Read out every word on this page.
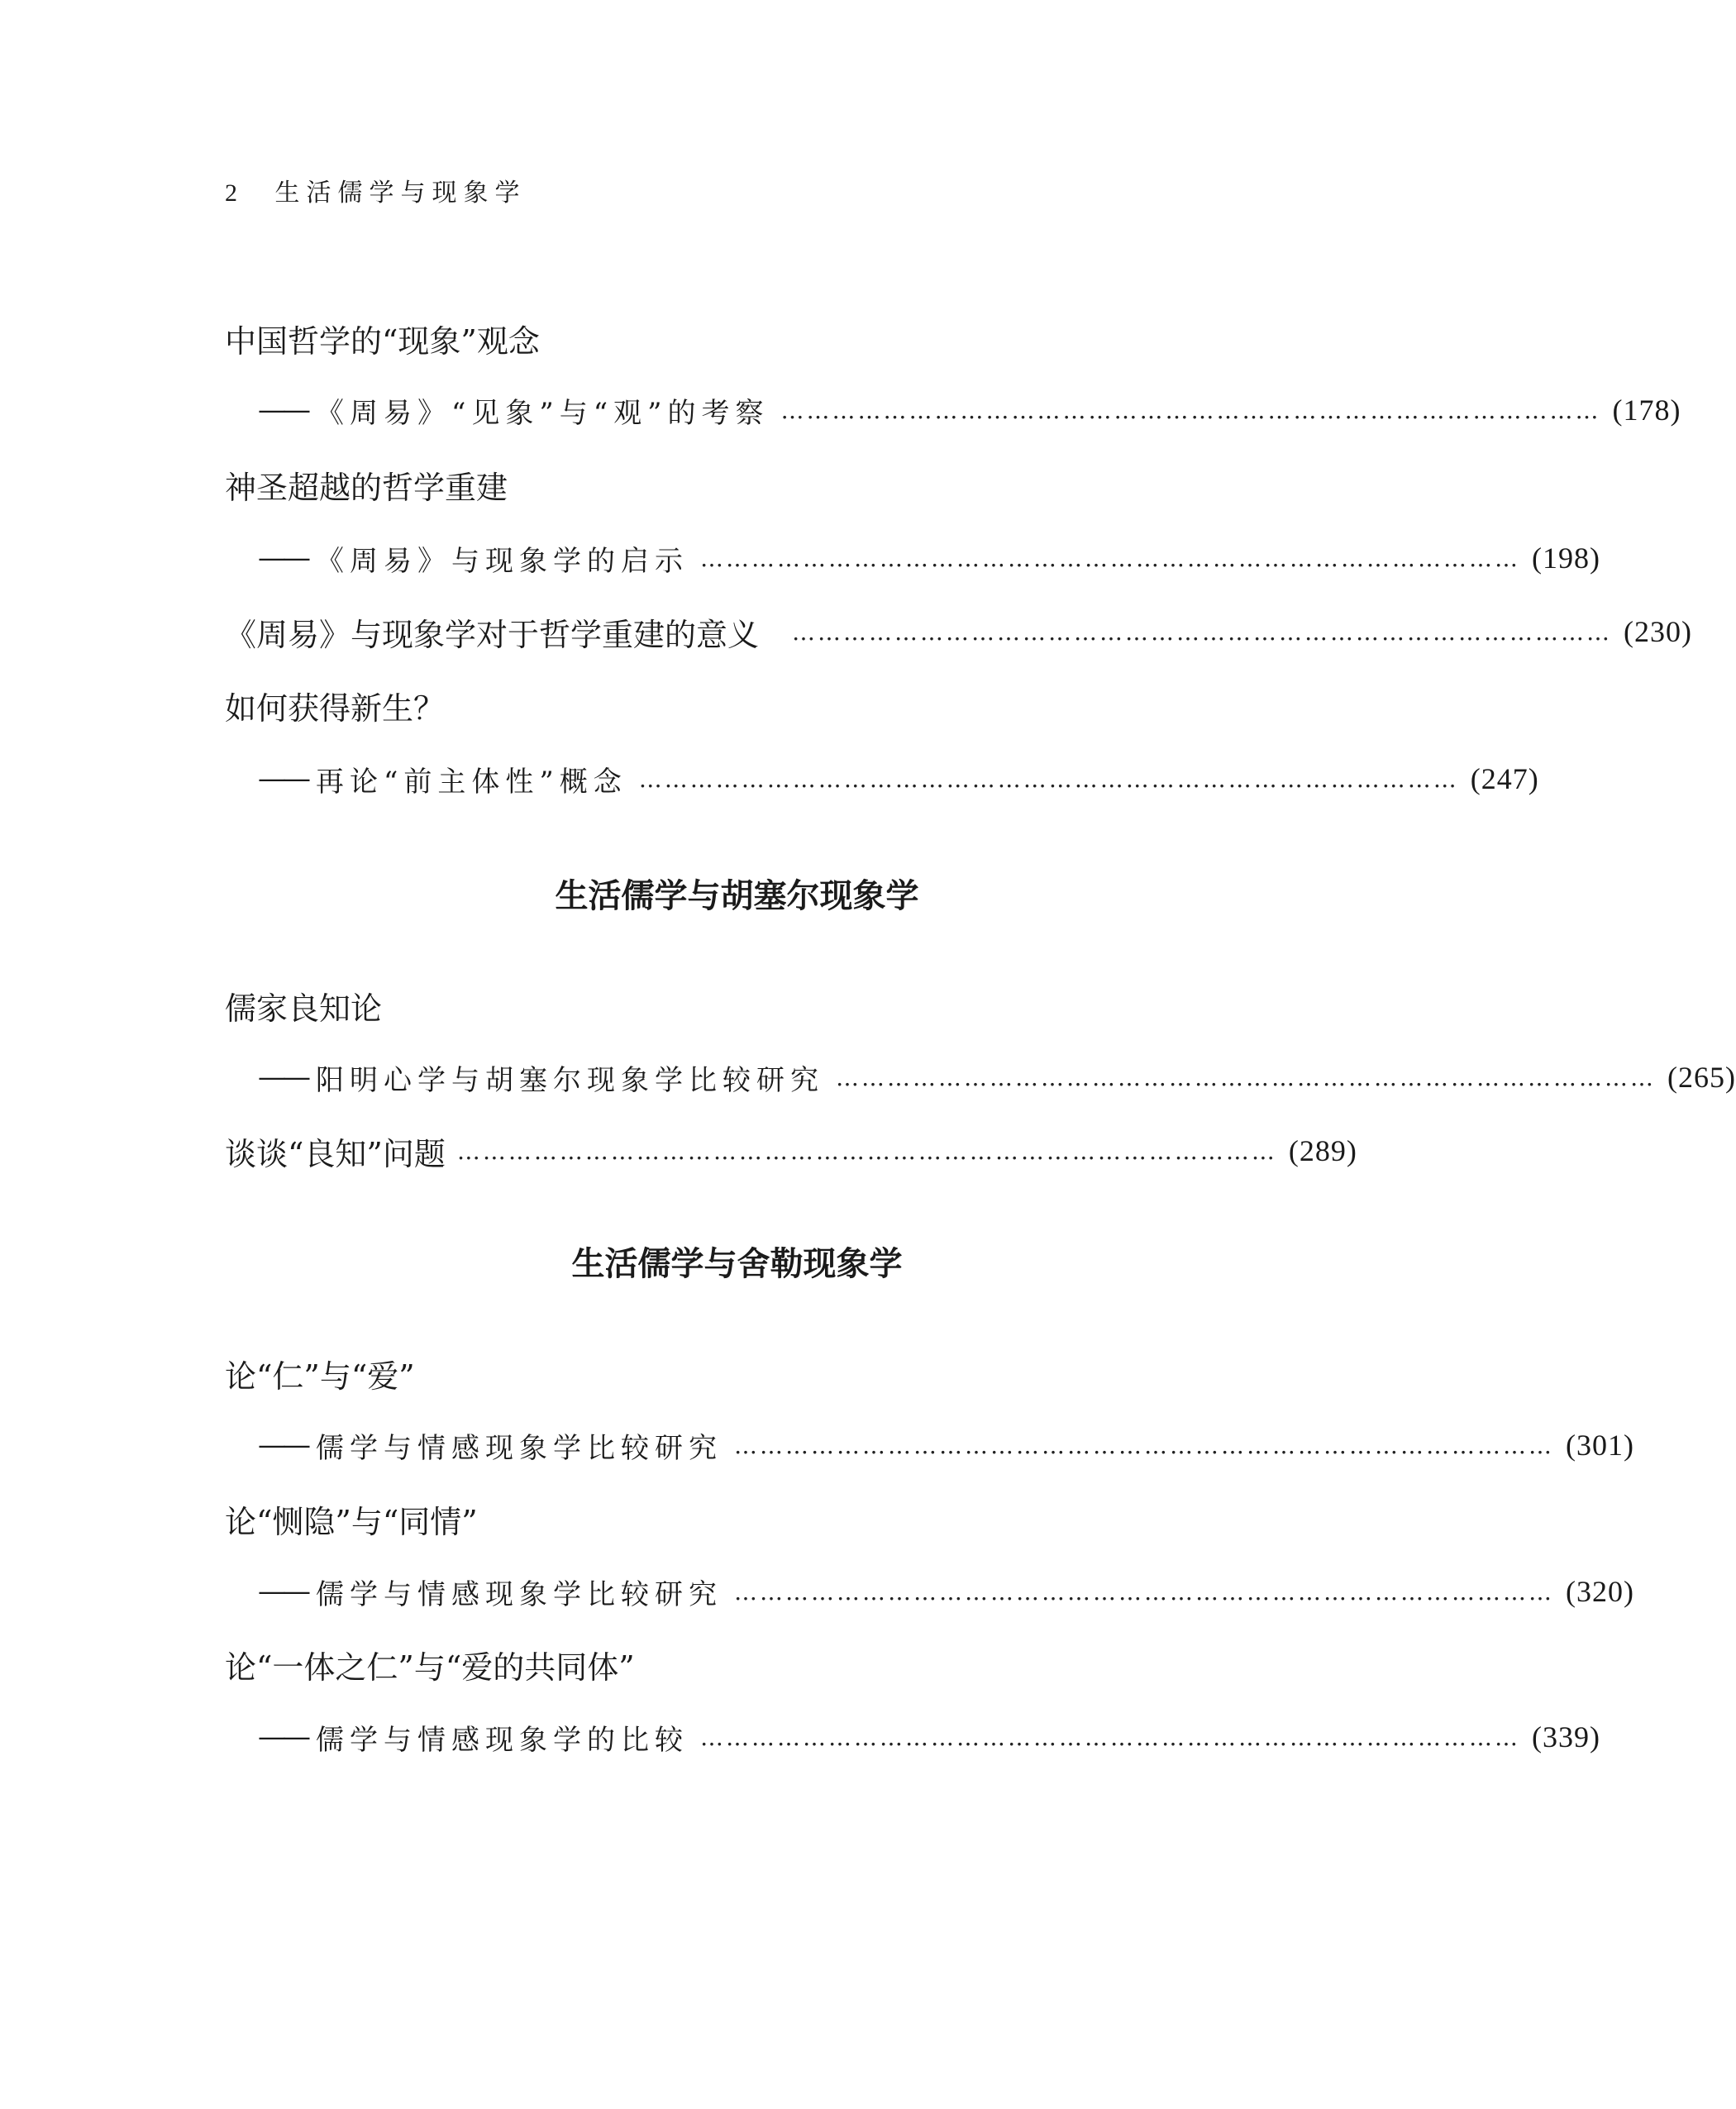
2 生活儒学与现象学
中国哲学的“现象”观念
—— 《周易》“见象”与“观”的考察 …………………………………………………………………………………… (178)
神圣超越的哲学重建
—— 《周易》与现象学的启示 …………………………………………………………………………………… (198)
《周易》与现象学对于哲学重建的意义 …………………………………………………………………………………… (230)
如何获得新生？
—— 再论“前主体性”概念 …………………………………………………………………………………… (247)
生活儒学与胡塞尔现象学
儒家良知论
—— 阳明心学与胡塞尔现象学比较研究 …………………………………………………………………………………… (265)
谈谈“良知”问题 …………………………………………………………………………………… (289)
生活儒学与舍勒现象学
论“仁”与“爱”
—— 儒学与情感现象学比较研究 …………………………………………………………………………………… (301)
论“恻隐”与“同情”
—— 儒学与情感现象学比较研究 …………………………………………………………………………………… (320)
论“一体之仁”与“爱的共同体”
—— 儒学与情感现象学的比较 …………………………………………………………………………………… (339)
